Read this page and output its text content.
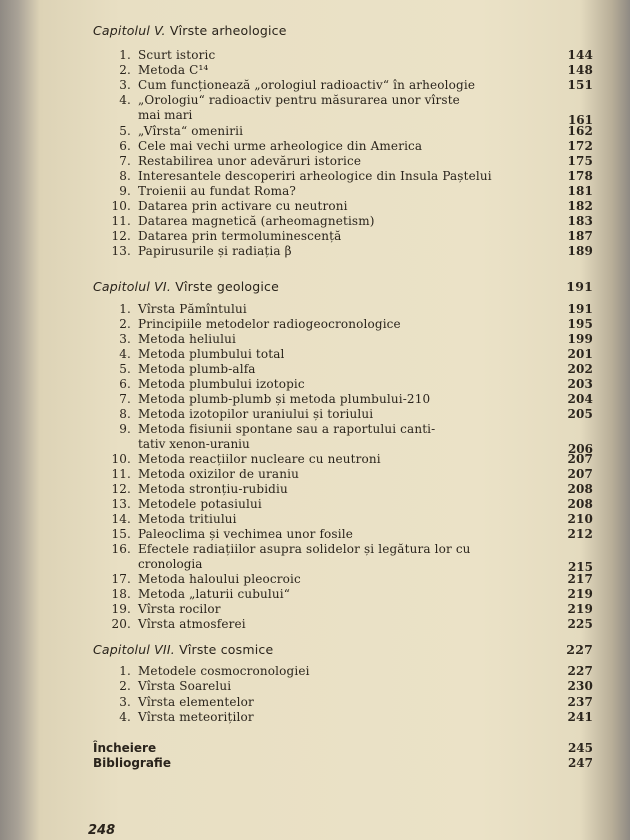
Capitolul V. Vîrste arheologice
1. Scurt istoric	144
2. Metoda C¹⁴	148
3. Cum funcționează „orologiul radioactiv“ în arheologie	151
4. „Orologiu“ radioactiv pentru măsurarea unor vîrste
mai mari	161
5. „Vîrsta“ omenirii	162
6. Cele mai vechi urme arheologice din America	172
7. Restabilirea unor adevăruri istorice	175
8. Interesantele descoperiri arheologice din Insula Paștelui	178
9. Troienii au fundat Roma?	181
10. Datarea prin activare cu neutroni	182
11. Datarea magnetică (arheomagnetism)	183
12. Datarea prin termoluminescență	187
13. Papirusurile și radiația β	189
Capitolul VI. Vîrste geologice	191
1. Vîrsta Pămîntului	191
2. Principiile metodelor radiogeocronologice	195
3. Metoda heliului	199
4. Metoda plumbului total	201
5. Metoda plumb-alfa	202
6. Metoda plumbului izotopic	203
7. Metoda plumb-plumb și metoda plumbului-210	204
8. Metoda izotopilor uraniului și toriului	205
9. Metoda fisiunii spontane sau a raportului canti-
tativ xenon-uraniu	206
10. Metoda reacțiilor nucleare cu neutroni	207
11. Metoda oxizilor de uraniu	207
12. Metoda stronțiu-rubidiu	208
13. Metodele potasiului	208
14. Metoda tritiului	210
15. Paleoclima și vechimea unor fosile	212
16. Efectele radiațiilor asupra solidelor și legătura lor cu
cronologia	215
17. Metoda haloului pleocroic	217
18. Metoda „laturii cubului“	219
19. Vîrsta rocilor	219
20. Vîrsta atmosferei	225
Capitolul VII. Vîrste cosmice	227
1. Metodele cosmocronologiei	227
2. Vîrsta Soarelui	230
3. Vîrsta elementelor	237
4. Vîrsta meteoriților	241
Încheiere	245
Bibliografie	247
248
